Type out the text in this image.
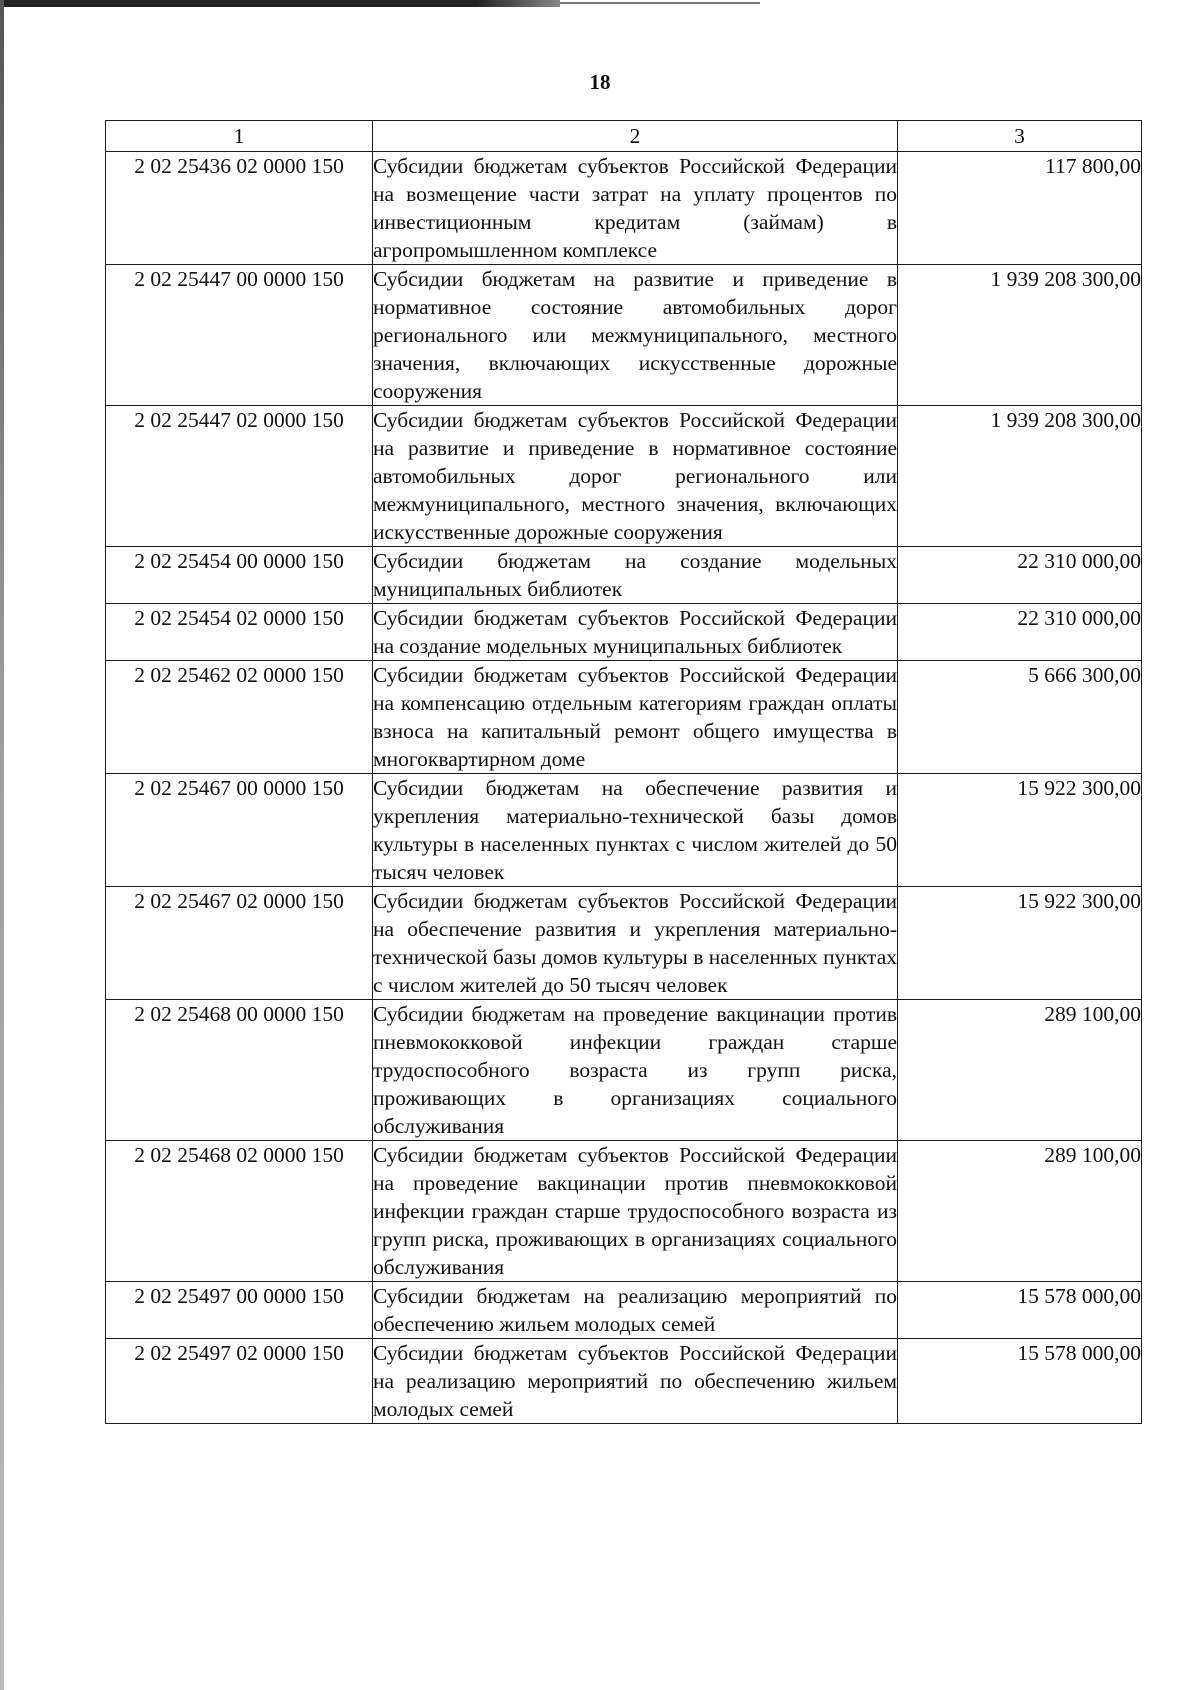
18
1	2	3
2 02 25436 02 0000 150	Субсидии бюджетам субъектов Российской Федерации на возмещение части затрат на уплату процентов по инвестиционным кредитам (займам) в агропромышленном комплексе	117 800,00
2 02 25447 00 0000 150	Субсидии бюджетам на развитие и приведение в нормативное состояние автомобильных дорог регионального или межмуниципального, местного значения, включающих искусственные дорожные сооружения	1 939 208 300,00
2 02 25447 02 0000 150	Субсидии бюджетам субъектов Российской Федерации на развитие и приведение в нормативное состояние автомобильных дорог регионального или межмуниципального, местного значения, включающих искусственные дорожные сооружения	1 939 208 300,00
2 02 25454 00 0000 150	Субсидии бюджетам на создание модельных муниципальных библиотек	22 310 000,00
2 02 25454 02 0000 150	Субсидии бюджетам субъектов Российской Федерации на создание модельных муниципальных библиотек	22 310 000,00
2 02 25462 02 0000 150	Субсидии бюджетам субъектов Российской Федерации на компенсацию отдельным категориям граждан оплаты взноса на капитальный ремонт общего имущества в многоквартирном доме	5 666 300,00
2 02 25467 00 0000 150	Субсидии бюджетам на обеспечение развития и укрепления материально-технической базы домов культуры в населенных пунктах с числом жителей до 50 тысяч человек	15 922 300,00
2 02 25467 02 0000 150	Субсидии бюджетам субъектов Российской Федерации на обеспечение развития и укрепления материально-технической базы домов культуры в населенных пунктах с числом жителей до 50 тысяч человек	15 922 300,00
2 02 25468 00 0000 150	Субсидии бюджетам на проведение вакцинации против пневмококковой инфекции граждан старше трудоспособного возраста из групп риска, проживающих в организациях социального обслуживания	289 100,00
2 02 25468 02 0000 150	Субсидии бюджетам субъектов Российской Федерации на проведение вакцинации против пневмококковой инфекции граждан старше трудоспособного возраста из групп риска, проживающих в организациях социального обслуживания	289 100,00
2 02 25497 00 0000 150	Субсидии бюджетам на реализацию мероприятий по обеспечению жильем молодых семей	15 578 000,00
2 02 25497 02 0000 150	Субсидии бюджетам субъектов Российской Федерации на реализацию мероприятий по обеспечению жильем молодых семей	15 578 000,00
